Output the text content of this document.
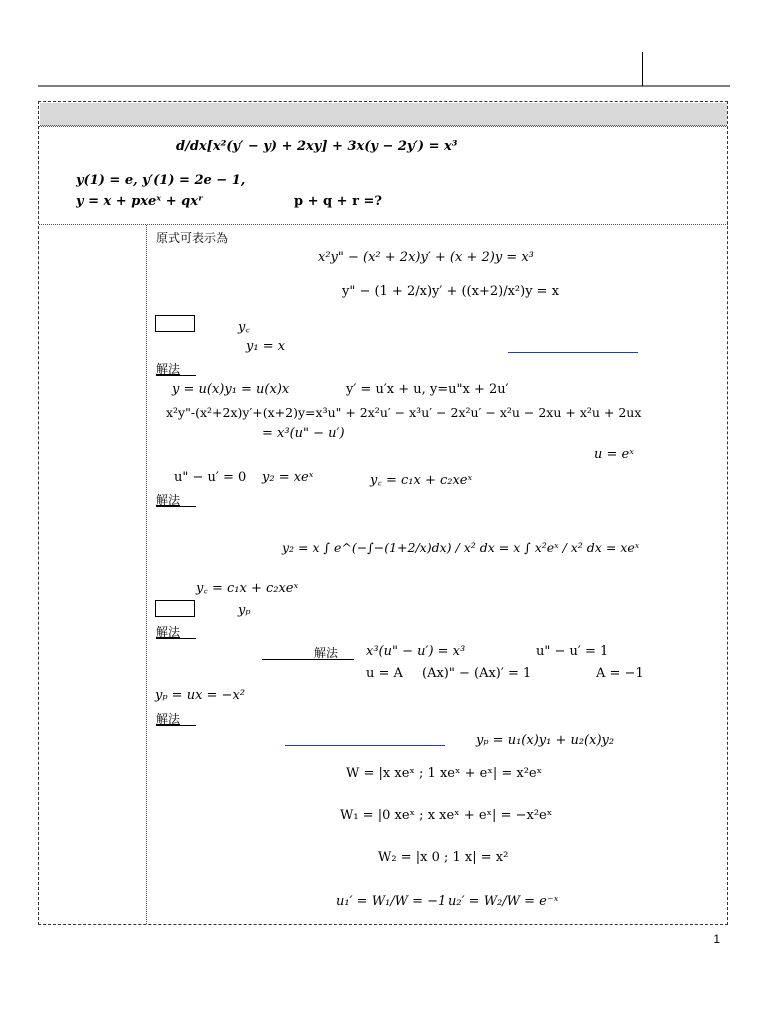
d/dx[x²(y′ − y) + 2xy] + 3x(y − 2y′) = x³
y(1) = e, y′(1) = 2e − 1,
y = x + pxeˣ + qxʳ	p + q + r =?
原式可表示為
x²y" − (x² + 2x)y′ + (x + 2)y = x³
y" − (1 + 2/x)y′ + ((x+2)/x²)y = x
y꜀
y₁ = x
解法
y = u(x)y₁ = u(x)x	y′ = u′x + u, y=u"x + 2u′
x²y"-(x²+2x)y′+(x+2)y=x³u" + 2x²u′ − x³u′ − 2x²u′ − x²u − 2xu + x²u + 2ux
= x³(u" − u′)
u = eˣ
u" − u′ = 0 y₂ = xeˣ	y꜀ = c₁x + c₂xeˣ
解法
y₂ = x ∫ e^(−∫−(1+2/x)dx) / x² dx = x ∫ x²eˣ / x² dx = xeˣ
y꜀ = c₁x + c₂xeˣ
yₚ
解法
解法 x³(u" − u′) = x³	u" − u′ = 1
u = A (Ax)" − (Ax)′ = 1	A = −1
yₚ = ux = −x²
解法
yₚ = u₁(x)y₁ + u₂(x)y₂
W = |x xeˣ ; 1 xeˣ + eˣ| = x²eˣ
W₁ = |0 xeˣ ; x xeˣ + eˣ| = −x²eˣ
W₂ = |x 0 ; 1 x| = x²
u₁′ = W₁/W = −1 u₂′ = W₂/W = e⁻ˣ
1
